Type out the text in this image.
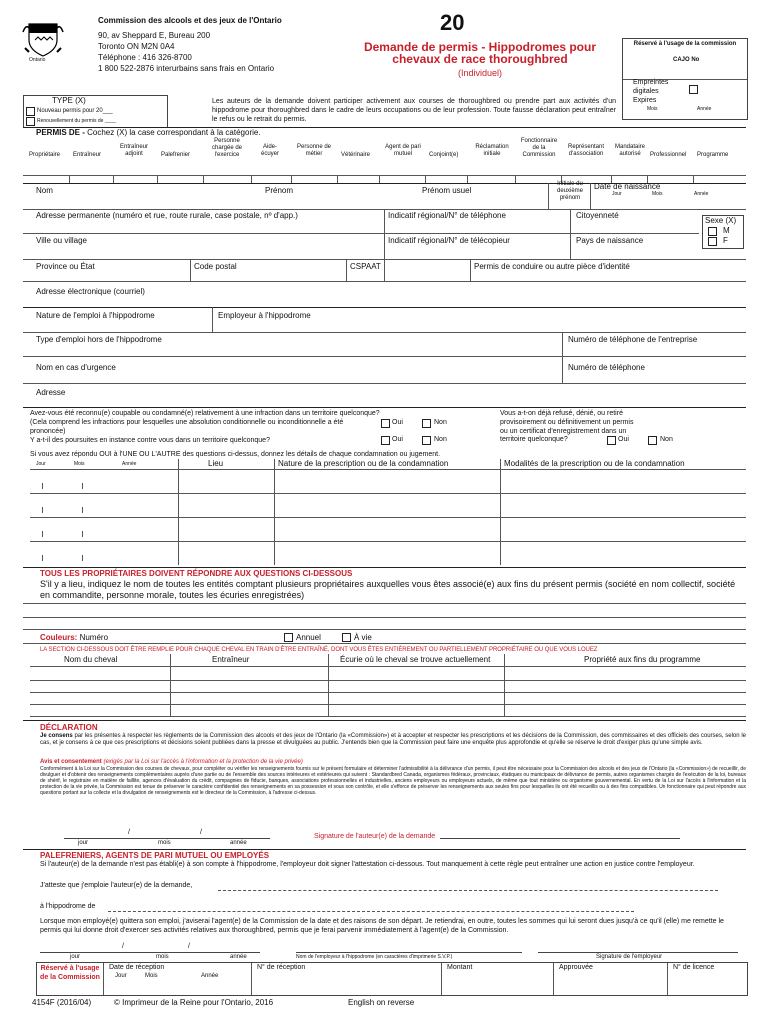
Ontario
Commission des alcools et des jeux de l'Ontario
90, av Sheppard E, Bureau 200
Toronto ON M2N 0A4
Téléphone : 416 326-8700
1 800 522-2876 interurbains sans frais en Ontario
20
Demande de permis - Hippodromes pour
chevaux de race thoroughbred
(Individuel)
Réservé à l'usage de la commission
CAJO No
Empreintes digitales
Expires
Mois	Année
TYPE (X)
Nouveau permis pour 20___
Renouvellement du permis de ____
Les auteurs de la demande doivent participer activement aux courses de thoroughbred ou prendre part aux activités d'un hippodrome pour thoroughbred dans le cadre de leurs occupations ou de leur profession. Toute fausse déclaration peut entraîner le refus ou le retrait du permis.
PERMIS DE - Cochez (X) la case correspondant à la catégorie.
Propriétaire Entraîneur
Entraîneur adjoint	Palefrenier
Personne chargée de l'exercice
Aide-écuyer
Personne de métier	Vétérinaire
Agent de pari mutuel	Conjoint(e)
Réclamation initiale
Fonctionnaire de la Commission
Représentant d'association
Mandataire autorisé	Professionnel Programme
Nom	Prénom	Prénom usuel
Initiale du deuxième prénom
Date de naissance
Jour	Mois	Année
Adresse permanente (numéro et rue, route rurale, case postale, nº d'app.)	Indicatif régional/N° de téléphone	Citoyenneté
Sexe (X)
M
F
Ville ou village	Indicatif régional/N° de télécopieur	Pays de naissance
Province ou État	Code postal	CSPAAT	Permis de conduire ou autre pièce d'identité
Adresse électronique (courriel)
Nature de l'emploi à l'hippodrome	Employeur à l'hippodrome
Type d'emploi hors de l'hippodrome	Numéro de téléphone de l'entreprise
Nom en cas d'urgence	Numéro de téléphone
Adresse
Avez-vous été reconnu(e) coupable ou condamné(e) relativement à une infraction dans un territoire quelconque? (Cela comprend les infractions pour lesquelles une absolution conditionnelle ou inconditionnelle a été prononcée)
Oui	Non
Y a-t-il des poursuites en instance contre vous dans un territoire quelconque?	Oui	Non
Vous a-t-on déjà refusé, dénié, ou retiré provisoirement ou définitivement un permis ou un certificat d'enregistrement dans un territoire quelconque?	Oui	Non
Si vous avez répondu OUI à l'UNE OU L'AUTRE des questions ci-dessus, donnez les détails de chaque condamnation ou jugement.
Jour	Mois	Année	Lieu	Nature de la prescription ou de la condamnation	Modalités de la prescription ou de la condamnation
TOUS LES PROPRIÉTAIRES DOIVENT RÉPONDRE AUX QUESTIONS CI-DESSOUS
S'il y a lieu, indiquez le nom de toutes les entités comptant plusieurs propriétaires auxquelles vous êtes associé(e) aux fins du présent permis (société en nom collectif, société en commandite, personne morale, toutes les écuries enregistrées)
Couleurs: Numéro	Annuel	À vie
LA SECTION CI-DESSOUS DOIT ÊTRE REMPLIE POUR CHAQUE CHEVAL EN TRAIN D'ÊTRE ENTRAÎNÉ, DONT VOUS ÊTES ENTIÈREMENT OU PARTIELLEMENT PROPRIÉTAIRE OU QUE VOUS LOUEZ
Nom du cheval	Entraîneur	Écurie où le cheval se trouve actuellement	Propriété aux fins du programme
DÉCLARATION
Je consens par les présentes à respecter les règlements de la Commission des alcools et des jeux de l'Ontario (la «Commission») et à accepter et respecter les prescriptions et les décisions de la Commission, des commissaires et des officiels des courses, selon le cas, et je consens à ce que ces prescriptions et décisions soient publiées dans la presse et divulguées au public. J'entends bien que la Commission peut faire une enquête plus approfondie et qu'elle se réserve le droit d'exiger plus qu'une simple avis.
Avis et consentement (exigés par la Loi sur l'accès à l'information et la protection de la vie privée)
Conformément à la Loi sur la Commission des courses de chevaux, pour compléter ou vérifier les renseignements fournis sur le présent formulaire et déterminer l'admissibilité à la délivrance d'un permis, il peut être nécessaire pour la Commission des alcools et des jeux de l'Ontario (la «Commission») de recueillir, de divulguer et d'obtenir des renseignements complémentaires auprès d'une partie ou de l'ensemble des sources intérieures et extérieures qui suivent : Standardbred Canada, organismes fédéraux, provinciaux, étatiques ou municipaux de délivrance de permis, autres organismes chargés de l'exécution de la loi, bureaux de shérif, le registraire en matière de faillite, agences d'évaluation du crédit, compagnies de fiducie, banques, associations professionnelles et industrielles, anciens employeurs ou employeurs actuels, de même que tout ministère ou organisme gouvernemental. En vertu de la Loi sur l'accès à l'information et la protection de la vie privée, la Commission est tenue de préserver le caractère confidentiel des renseignements en sa possession et sous son contrôle, et elle s'efforce de préserver les renseignements aux seules fins pour lesquelles ils ont été recueillis ou à des fins compatibles. Un fonctionnaire qui peut répondre aux questions portant sur la collecte et la divulgation de renseignements est le directeur de la Commission, à l'adresse ci-dessus.
/	/
jour	mois	année
Signature de l'auteur(e) de la demande
PALEFRENIERS, AGENTS DE PARI MUTUEL OU EMPLOYÉS
Si l'auteur(e) de la demande n'est pas établi(e) à son compte à l'hippodrome, l'employeur doit signer l'attestation ci-dessous. Tout manquement à cette règle peut entraîner une action en justice contre l'employeur.
J'atteste que j'emploie l'auteur(e) de la demande,
à l'hippodrome de
Lorsque mon employé(e) quittera son emploi, j'aviserai l'agent(e) de la Commission de la date et des raisons de son départ. Je retiendrai, en outre, toutes les sommes qui lui seront dues jusqu'à ce qu'il (elle) me remette le permis qui lui donne droit d'exercer ses activités relatives aux thoroughbred, permis que je ferai parvenir immédiatement à l'agent(e) de la Commission.
/	/
jour	mois	année	Nom de l'employeur à l'hippodrome (en caractères d'imprimerie S.V.P.)	Signature de l'employeur
Réservé à l'usage de la Commission
Date de réception
Jour	Mois	Année
N° de réception	Montant	Approuvée	N° de licence
4154F (2016/04)	© Imprimeur de la Reine pour l'Ontario, 2016	English on reverse
